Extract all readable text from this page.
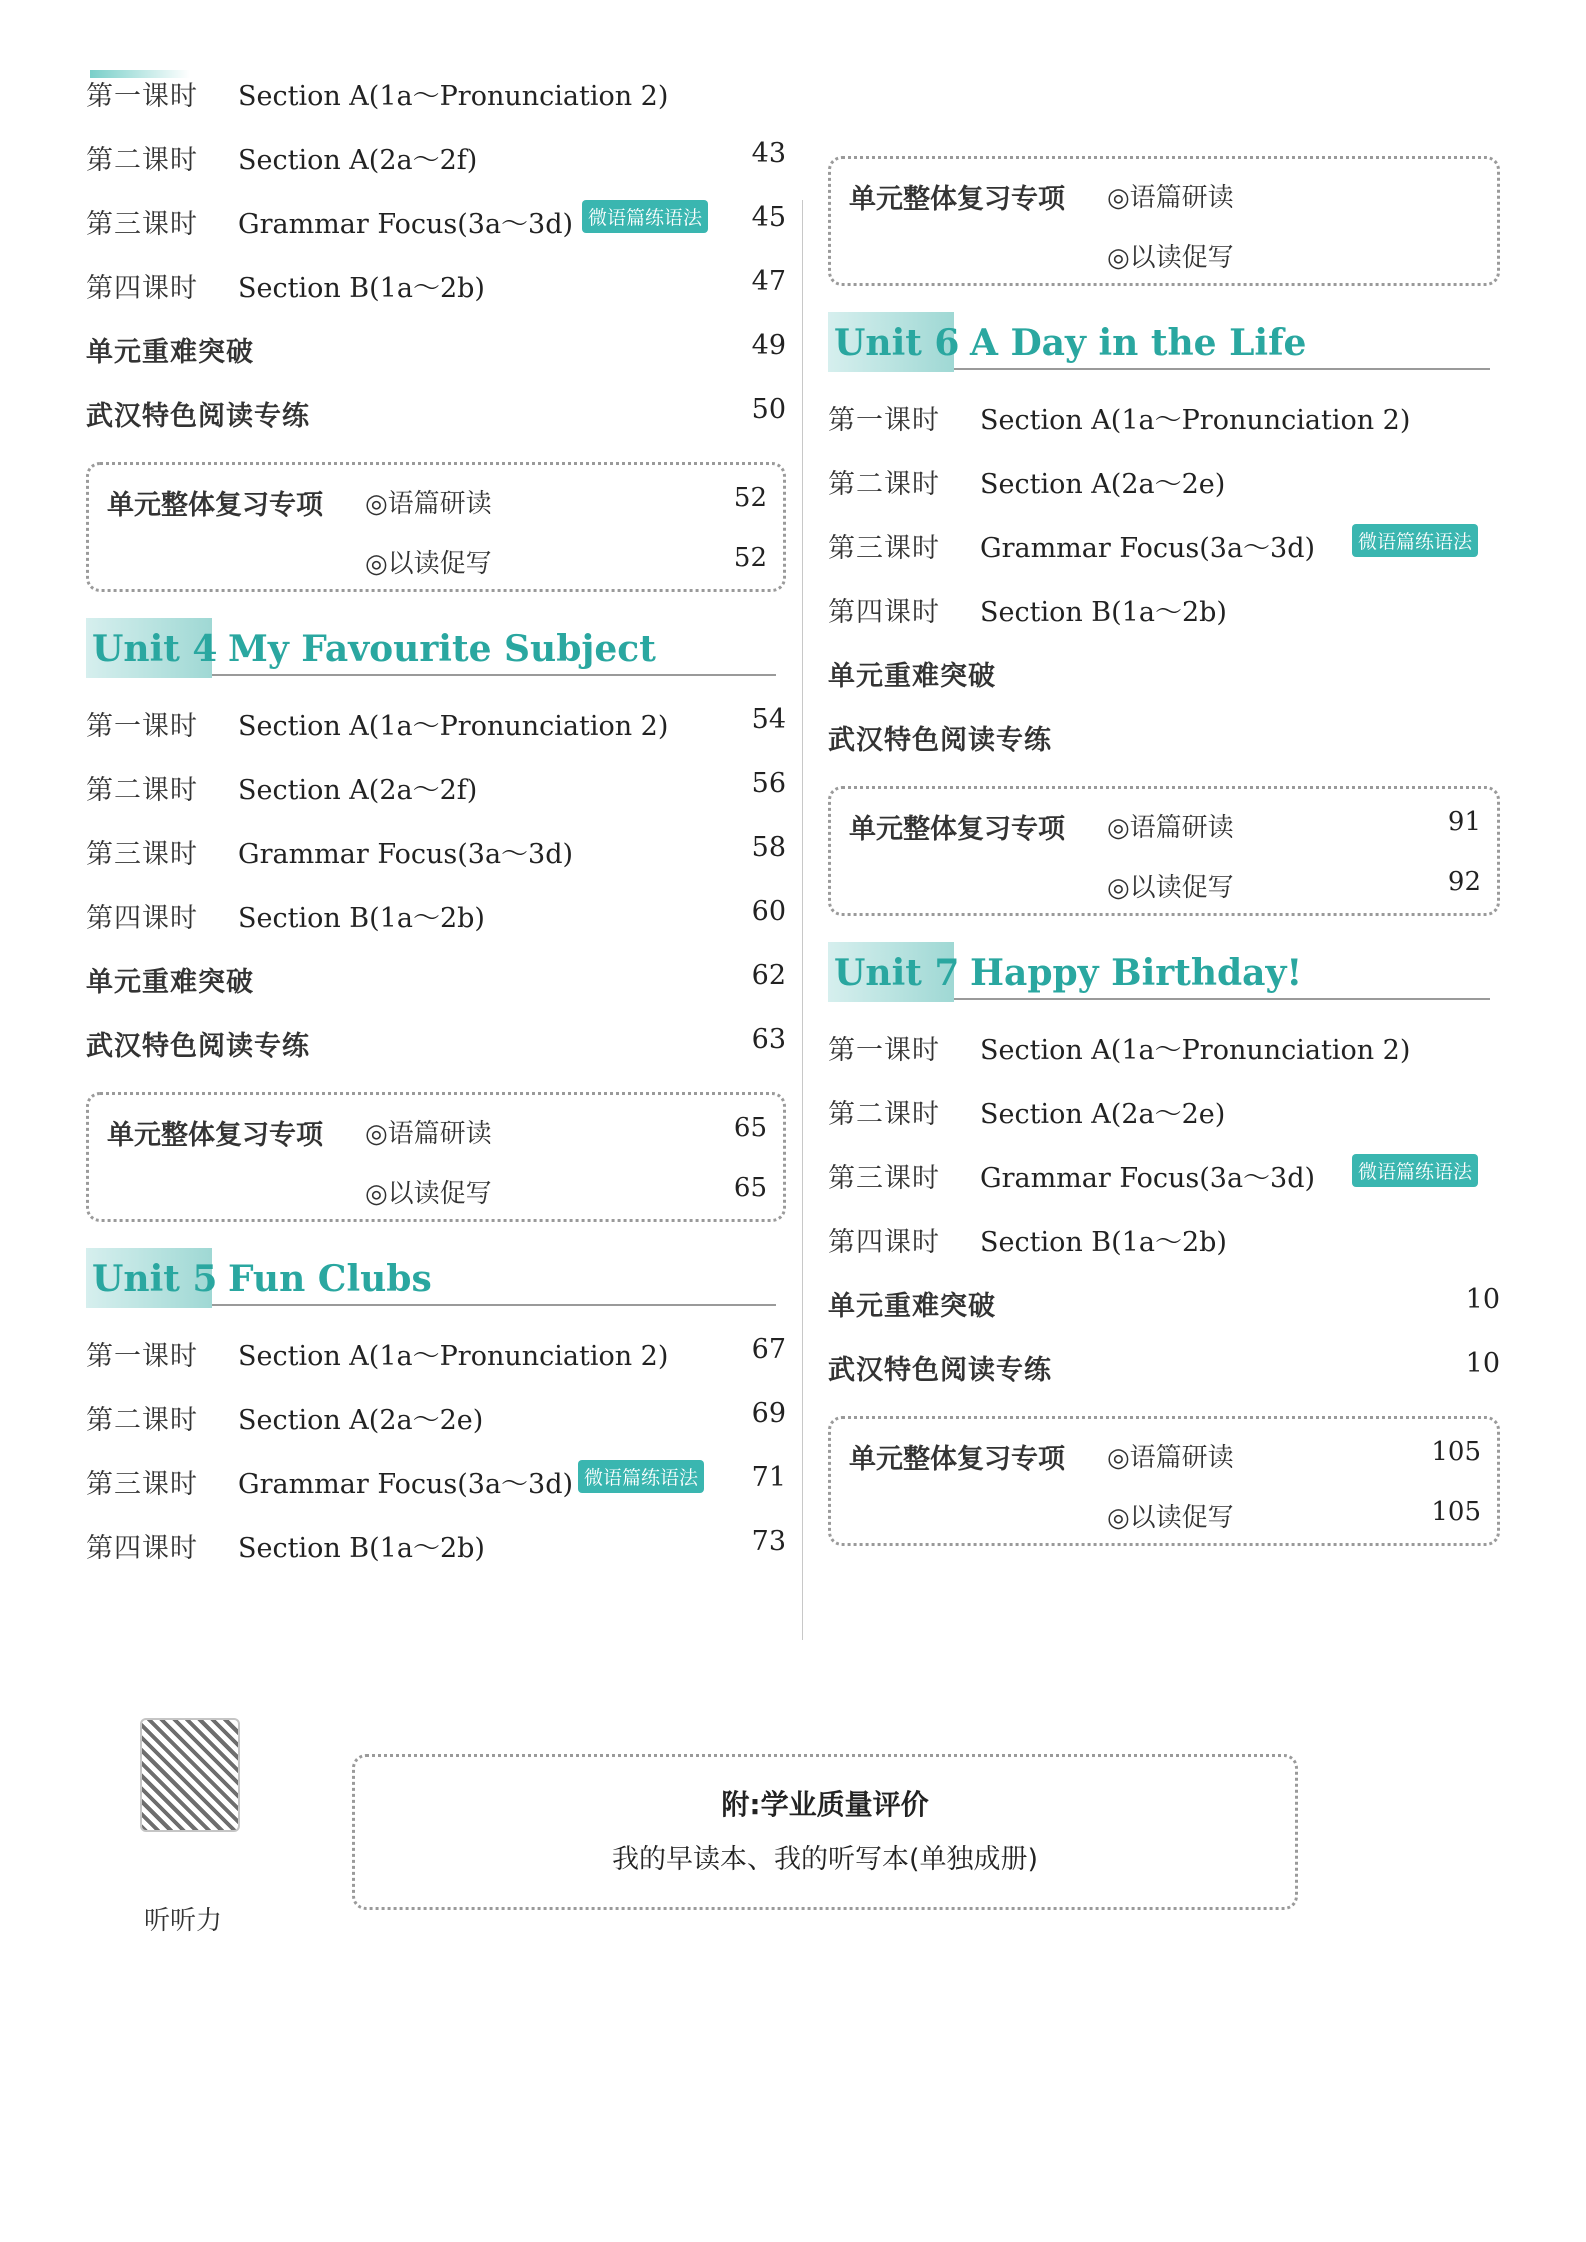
第一课时 Section A(1a～Pronunciation 2)
第二课时 Section A(2a～2f)	43
第三课时 Grammar Focus(3a～3d) 微语篇练语法 45
第四课时 Section B(1a～2b)	47
单元重难突破	49
武汉特色阅读专练	50
单元整体复习专项 ◎语篇研读	52
◎以读促写	52
Unit 4 My Favourite Subject
第一课时 Section A(1a～Pronunciation 2)	54
第二课时 Section A(2a～2f)	56
第三课时 Grammar Focus(3a～3d)	58
第四课时 Section B(1a～2b)	60
单元重难突破	62
武汉特色阅读专练	63
单元整体复习专项 ◎语篇研读	65
◎以读促写	65
Unit 5 Fun Clubs
第一课时 Section A(1a～Pronunciation 2)	67
第二课时 Section A(2a～2e)	69
第三课时 Grammar Focus(3a～3d) 微语篇练语法 71
第四课时 Section B(1a～2b)	73
单元整体复习专项 ◎语篇研读
◎以读促写
Unit 6 A Day in the Life
第一课时 Section A(1a～Pronunciation 2)
第二课时 Section A(2a～2e)
第三课时 Grammar Focus(3a～3d)	微语篇练语法
第四课时 Section B(1a～2b)
单元重难突破
武汉特色阅读专练
单元整体复习专项 ◎语篇研读	91
◎以读促写	92
Unit 7 Happy Birthday!
第一课时 Section A(1a～Pronunciation 2)
第二课时 Section A(2a～2e)
第三课时 Grammar Focus(3a～3d)	微语篇练语法
第四课时 Section B(1a～2b)
单元重难突破	10
武汉特色阅读专练	10
单元整体复习专项 ◎语篇研读	105
◎以读促写	105
听听力
附:学业质量评价
我的早读本、我的听写本(单独成册)
